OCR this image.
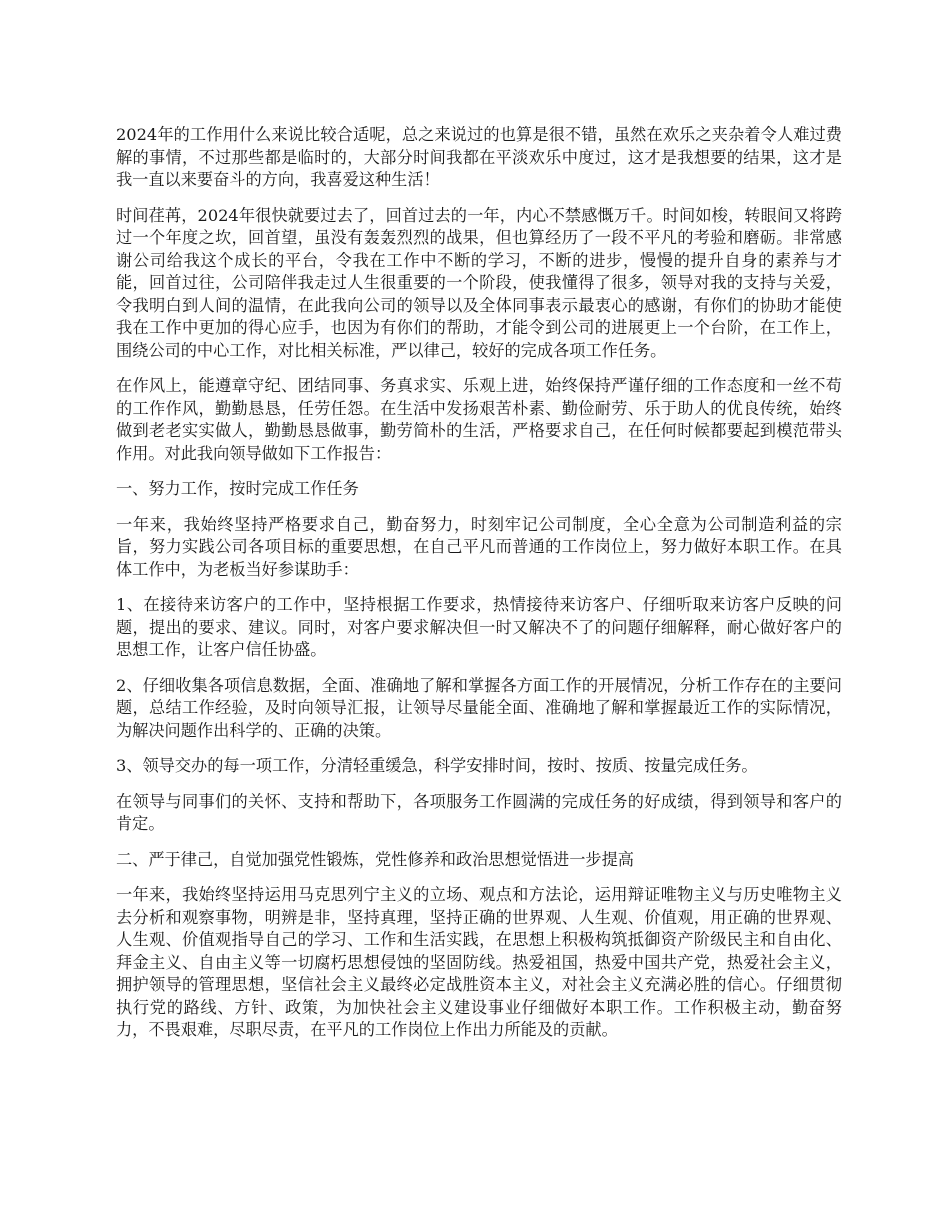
2024年的工作用什么来说比较合适呢，总之来说过的也算是很不错，虽然在欢乐之夹杂着令人难过费解的事情，不过那些都是临时的，大部分时间我都在平淡欢乐中度过，这才是我想要的结果，这才是我一直以来要奋斗的方向，我喜爱这种生活！

时间荏苒，2024年很快就要过去了，回首过去的一年，内心不禁感慨万千。时间如梭，转眼间又将跨过一个年度之坎，回首望，虽没有轰轰烈烈的战果，但也算经历了一段不平凡的考验和磨砺。非常感谢公司给我这个成长的平台，令我在工作中不断的学习，不断的进步，慢慢的提升自身的素养与才能，回首过往，公司陪伴我走过人生很重要的一个阶段，使我懂得了很多，领导对我的支持与关爱，令我明白到人间的温情，在此我向公司的领导以及全体同事表示最衷心的感谢，有你们的协助才能使我在工作中更加的得心应手，也因为有你们的帮助，才能令到公司的进展更上一个台阶，在工作上，围绕公司的中心工作，对比相关标准，严以律己，较好的完成各项工作任务。

在作风上，能遵章守纪、团结同事、务真求实、乐观上进，始终保持严谨仔细的工作态度和一丝不苟的工作作风，勤勤恳恳，任劳任怨。在生活中发扬艰苦朴素、勤俭耐劳、乐于助人的优良传统，始终做到老老实实做人，勤勤恳恳做事，勤劳简朴的生活，严格要求自己，在任何时候都要起到模范带头作用。对此我向领导做如下工作报告：

一、努力工作，按时完成工作任务

一年来，我始终坚持严格要求自己，勤奋努力，时刻牢记公司制度，全心全意为公司制造利益的宗旨，努力实践公司各项目标的重要思想，在自己平凡而普通的工作岗位上，努力做好本职工作。在具体工作中，为老板当好参谋助手：

1、在接待来访客户的工作中，坚持根据工作要求，热情接待来访客户、仔细听取来访客户反映的问题，提出的要求、建议。同时，对客户要求解决但一时又解决不了的问题仔细解释，耐心做好客户的思想工作，让客户信任协盛。

2、仔细收集各项信息数据，全面、准确地了解和掌握各方面工作的开展情况，分析工作存在的主要问题，总结工作经验，及时向领导汇报，让领导尽量能全面、准确地了解和掌握最近工作的实际情况，为解决问题作出科学的、正确的决策。

3、领导交办的每一项工作，分清轻重缓急，科学安排时间，按时、按质、按量完成任务。

在领导与同事们的关怀、支持和帮助下，各项服务工作圆满的完成任务的好成绩，得到领导和客户的肯定。

二、严于律己，自觉加强党性锻炼，党性修养和政治思想觉悟进一步提高

一年来，我始终坚持运用马克思列宁主义的立场、观点和方法论，运用辩证唯物主义与历史唯物主义去分析和观察事物，明辨是非，坚持真理，坚持正确的世界观、人生观、价值观，用正确的世界观、人生观、价值观指导自己的学习、工作和生活实践，在思想上积极构筑抵御资产阶级民主和自由化、拜金主义、自由主义等一切腐朽思想侵蚀的坚固防线。热爱祖国，热爱中国共产党，热爱社会主义，拥护领导的管理思想，坚信社会主义最终必定战胜资本主义，对社会主义充满必胜的信心。仔细贯彻执行党的路线、方针、政策，为加快社会主义建设事业仔细做好本职工作。工作积极主动，勤奋努力，不畏艰难，尽职尽责，在平凡的工作岗位上作出力所能及的贡献。
